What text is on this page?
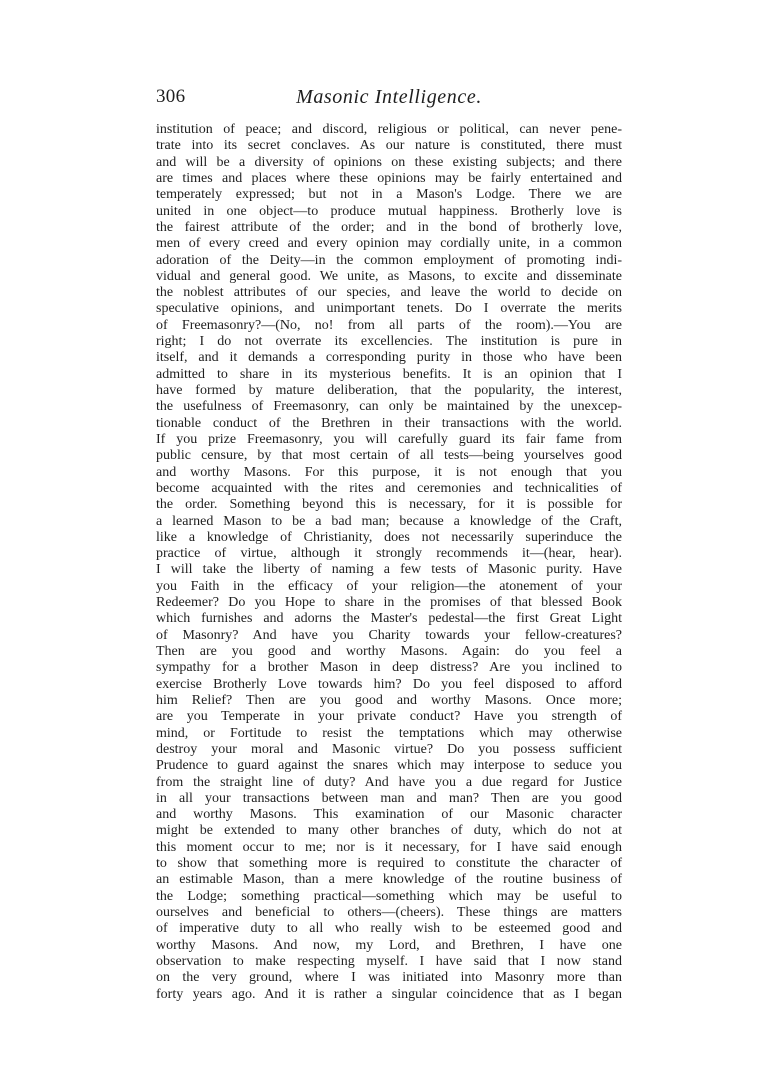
306	Masonic Intelligence.
institution of peace; and discord, religious or political, can never pene-
trate into its secret conclaves. As our nature is constituted, there must
and will be a diversity of opinions on these existing subjects; and there
are times and places where these opinions may be fairly entertained and
temperately expressed; but not in a Mason's Lodge. There we are
united in one object—to produce mutual happiness. Brotherly love is
the fairest attribute of the order; and in the bond of brotherly love,
men of every creed and every opinion may cordially unite, in a common
adoration of the Deity—in the common employment of promoting indi-
vidual and general good. We unite, as Masons, to excite and disseminate
the noblest attributes of our species, and leave the world to decide on
speculative opinions, and unimportant tenets. Do I overrate the merits
of Freemasonry?—(No, no! from all parts of the room).—You are
right; I do not overrate its excellencies. The institution is pure in
itself, and it demands a corresponding purity in those who have been
admitted to share in its mysterious benefits. It is an opinion that I
have formed by mature deliberation, that the popularity, the interest,
the usefulness of Freemasonry, can only be maintained by the unexcep-
tionable conduct of the Brethren in their transactions with the world.
If you prize Freemasonry, you will carefully guard its fair fame from
public censure, by that most certain of all tests—being yourselves good
and worthy Masons. For this purpose, it is not enough that you
become acquainted with the rites and ceremonies and technicalities of
the order. Something beyond this is necessary, for it is possible for
a learned Mason to be a bad man; because a knowledge of the Craft,
like a knowledge of Christianity, does not necessarily superinduce the
practice of virtue, although it strongly recommends it—(hear, hear).
I will take the liberty of naming a few tests of Masonic purity. Have
you Faith in the efficacy of your religion—the atonement of your
Redeemer? Do you Hope to share in the promises of that blessed Book
which furnishes and adorns the Master's pedestal—the first Great Light
of Masonry? And have you Charity towards your fellow-creatures?
Then are you good and worthy Masons. Again: do you feel a
sympathy for a brother Mason in deep distress? Are you inclined to
exercise Brotherly Love towards him? Do you feel disposed to afford
him Relief? Then are you good and worthy Masons. Once more;
are you Temperate in your private conduct? Have you strength of
mind, or Fortitude to resist the temptations which may otherwise
destroy your moral and Masonic virtue? Do you possess sufficient
Prudence to guard against the snares which may interpose to seduce you
from the straight line of duty? And have you a due regard for Justice
in all your transactions between man and man? Then are you good
and worthy Masons. This examination of our Masonic character
might be extended to many other branches of duty, which do not at
this moment occur to me; nor is it necessary, for I have said enough
to show that something more is required to constitute the character of
an estimable Mason, than a mere knowledge of the routine business of
the Lodge; something practical—something which may be useful to
ourselves and beneficial to others—(cheers). These things are matters
of imperative duty to all who really wish to be esteemed good and
worthy Masons. And now, my Lord, and Brethren, I have one
observation to make respecting myself. I have said that I now stand
on the very ground, where I was initiated into Masonry more than
forty years ago. And it is rather a singular coincidence that as I began
